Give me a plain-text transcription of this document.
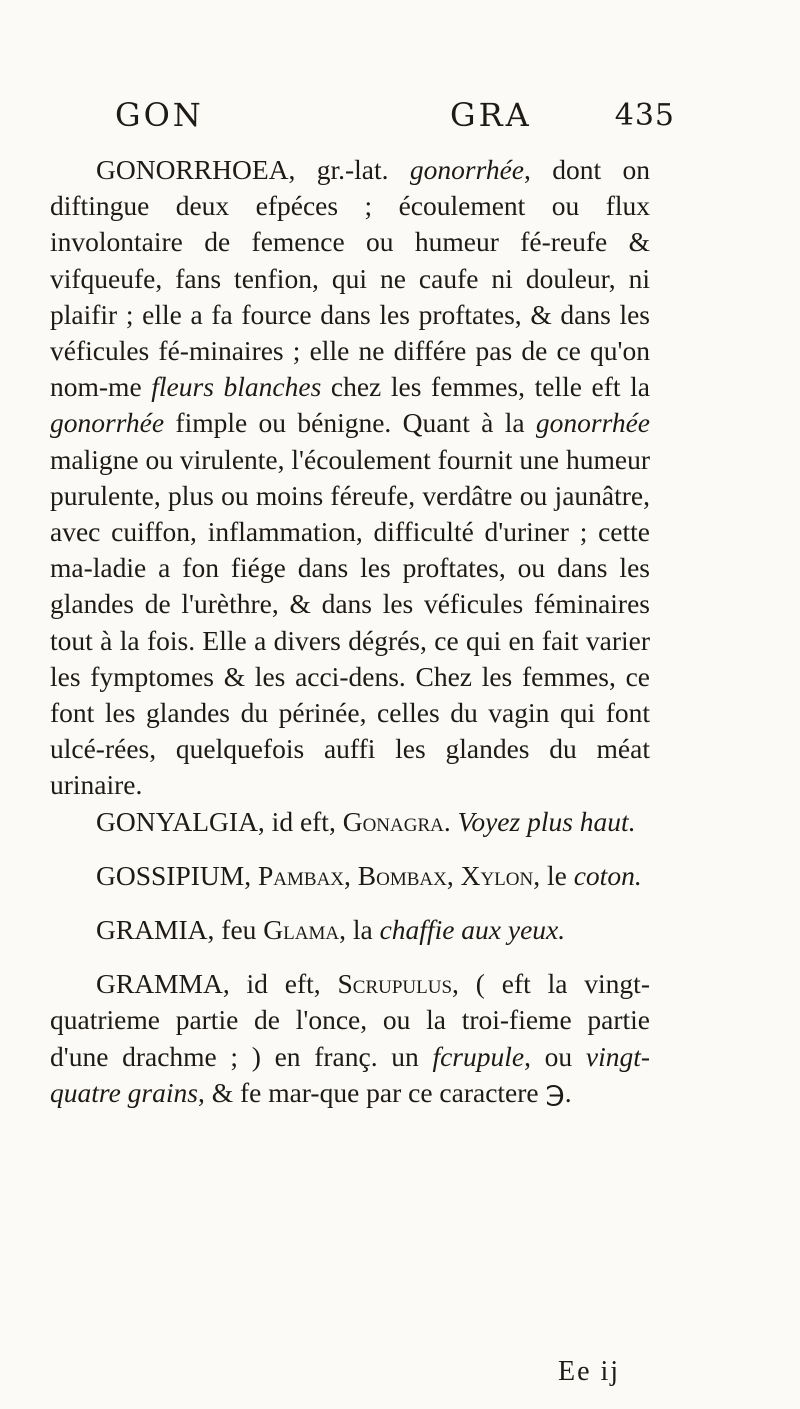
GON	GRA	435

GONORRHOEA, gr.-lat. gonorrhée, dont on diftingue deux efpéces ; écoulement ou flux involontaire de femence ou humeur fé-reufe & vifqueufe, fans tenfion, qui ne caufe ni douleur, ni plaifir ; elle a fa fource dans les proftates, & dans les véficules fé-minaires ; elle ne différe pas de ce qu'on nom-me fleurs blanches chez les femmes, telle eft la gonorrhée fimple ou bénigne. Quant à la gonorrhée maligne ou virulente, l'écoulement fournit une humeur purulente, plus ou moins féreufe, verdâtre ou jaunâtre, avec cuiffon, inflammation, difficulté d'uriner ; cette ma-ladie a fon fiége dans les proftates, ou dans les glandes de l'urèthre, & dans les véficules féminaires tout à la fois. Elle a divers dégrés, ce qui en fait varier les fymptomes & les acci-dens. Chez les femmes, ce font les glandes du périnée, celles du vagin qui font ulcé-rées, quelquefois auffi les glandes du méat urinaire.

GONYALGIA, id eft, Gonagra. Voyez plus haut.

GOSSIPIUM, Pambax, Bombax, Xylon, le coton.

GRAMIA, feu Glama, la chaffie aux yeux.

GRAMMA, id eft, Scrupulus, ( eft la vingt-quatrieme partie de l'once, ou la troi-fieme partie d'une drachme ; ) en franç. un fcrupule, ou vingt-quatre grains, & fe mar-que par ce caractere ℈.

Ee ij
